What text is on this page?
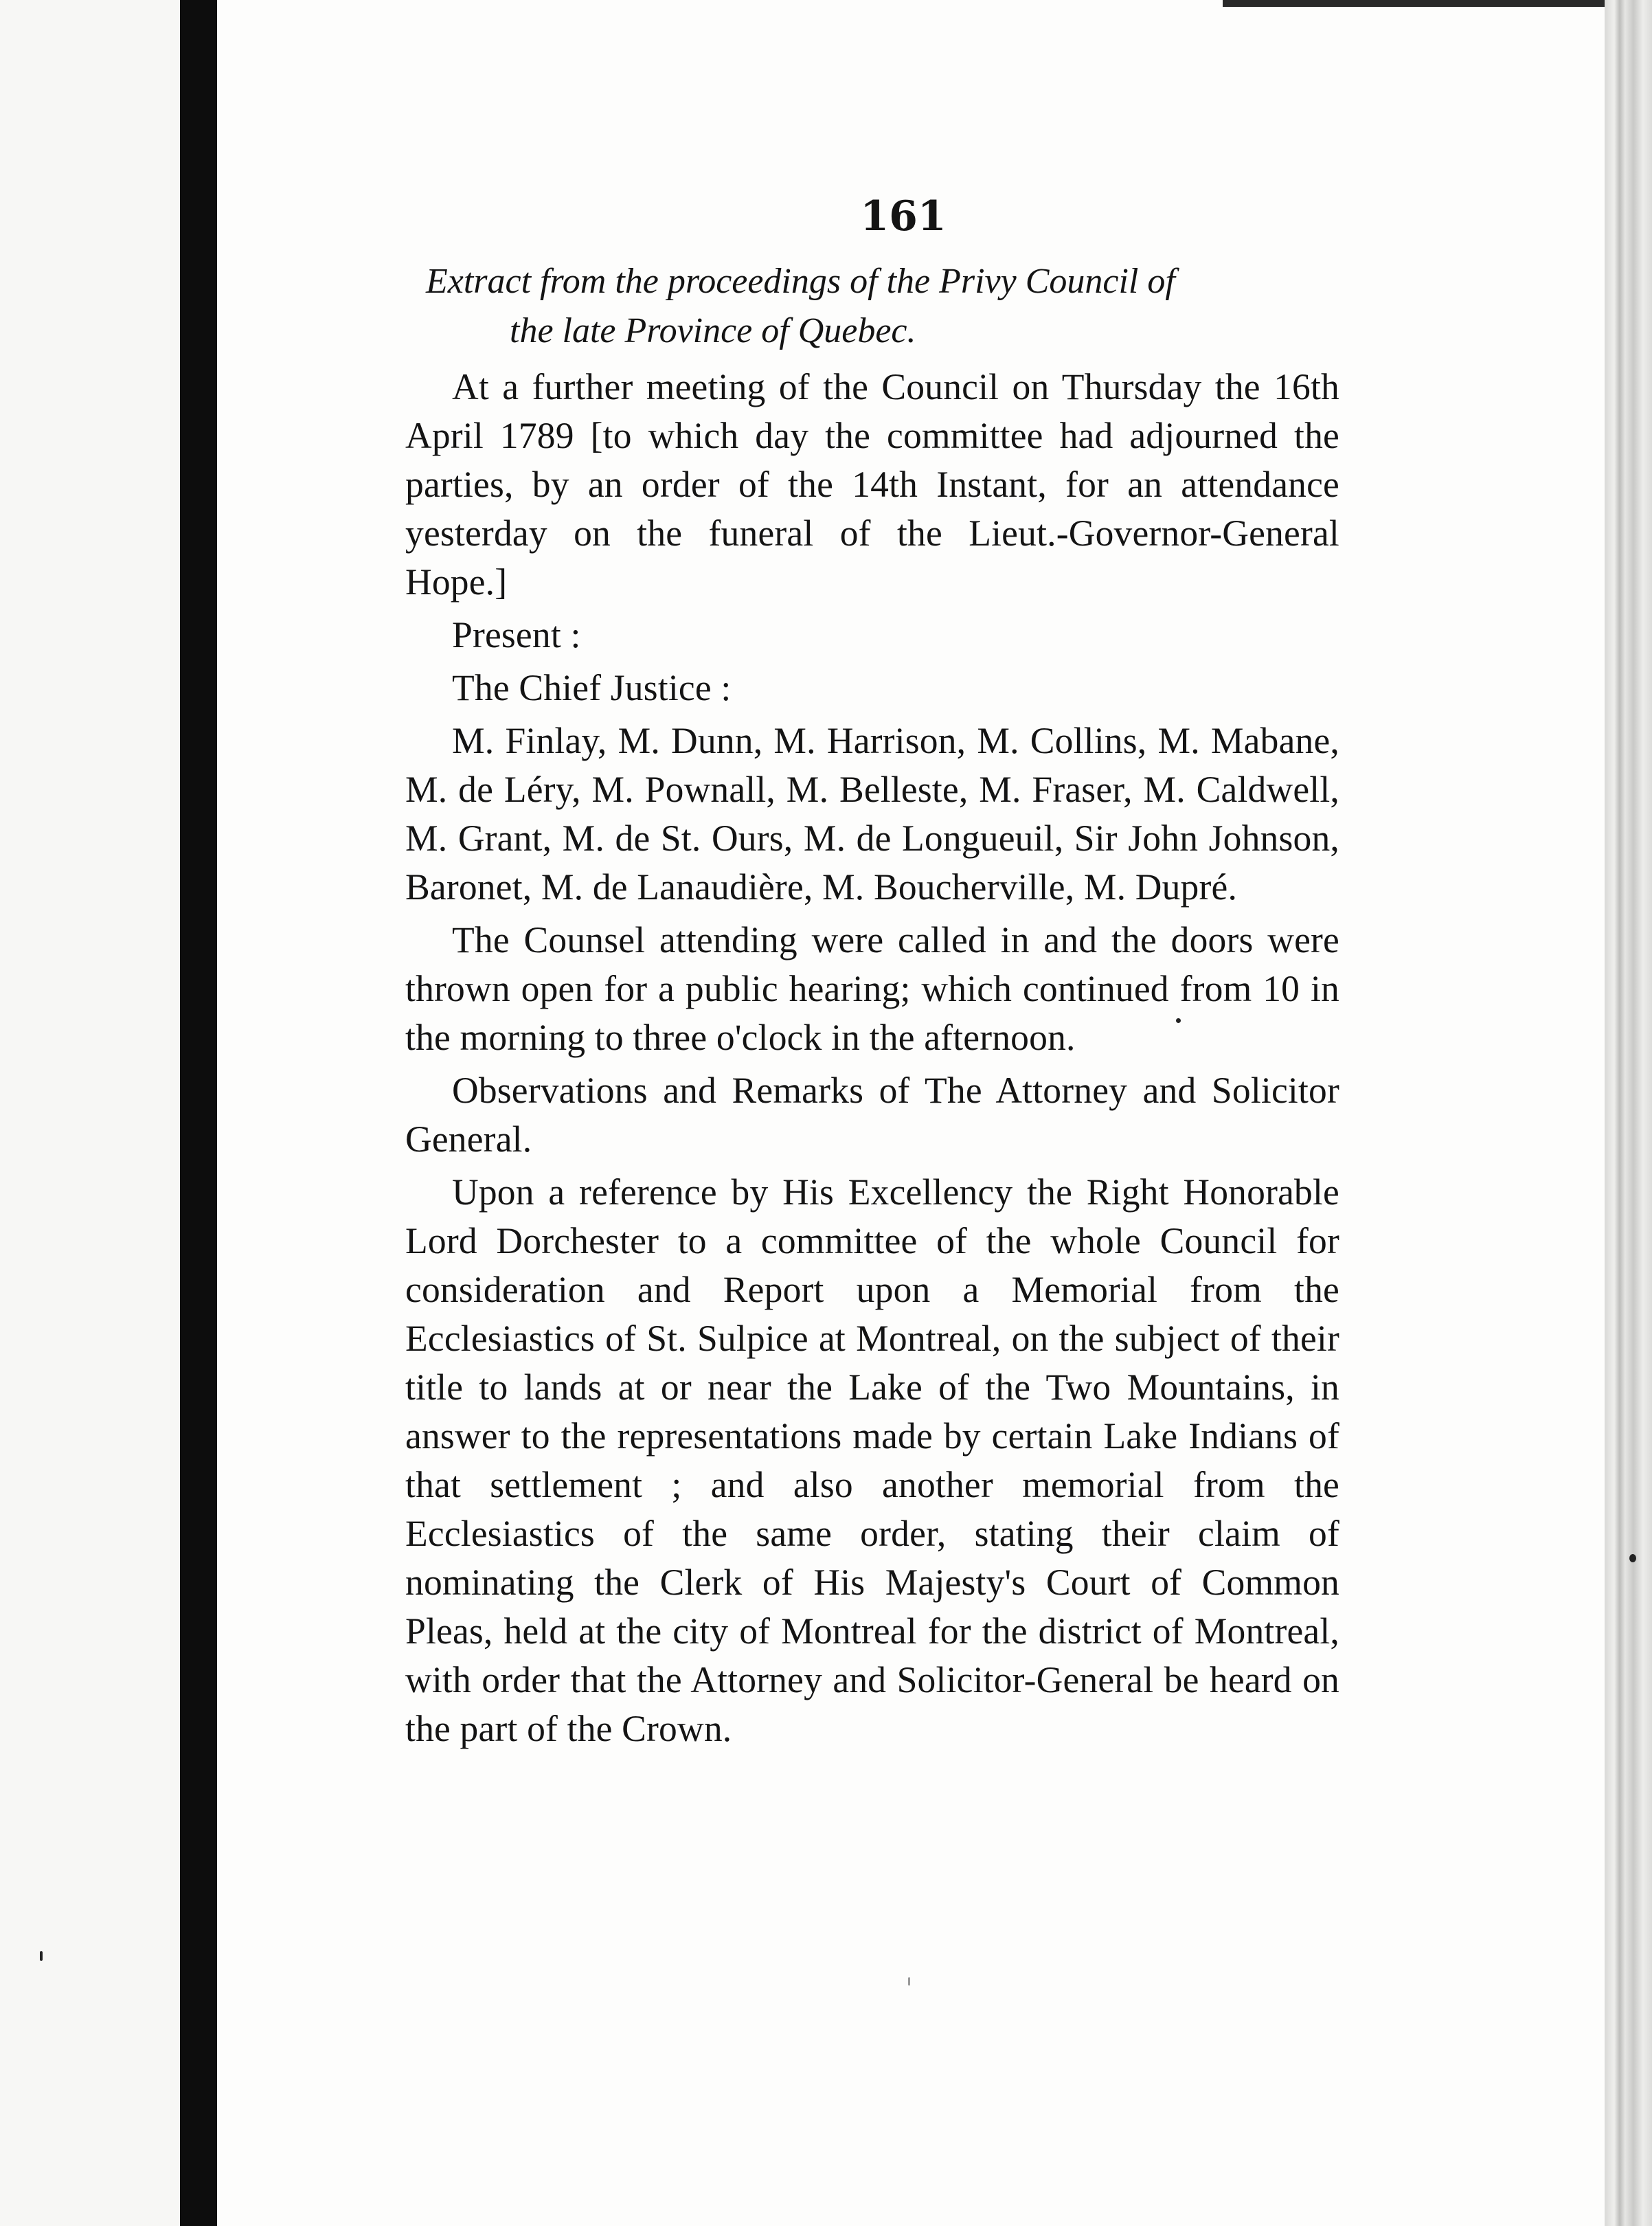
161
Extract from the proceedings of the Privy Council of
the late Province of Quebec.

At a further meeting of the Council on Thursday the 16th April 1789 [to which day the committee had adjourned the parties, by an order of the 14th Instant, for an attendance yesterday on the funeral of the Lieut.-Governor-General Hope.]

Present :

The Chief Justice :

M. Finlay, M. Dunn, M. Harrison, M. Collins, M. Mabane, M. de Léry, M. Pownall, M. Belleste, M. Fraser, M. Caldwell, M. Grant, M. de St. Ours, M. de Longueuil, Sir John Johnson, Baronet, M. de Lanaudière, M. Boucherville, M. Dupré.

The Counsel attending were called in and the doors were thrown open for a public hearing; which continued from 10 in the morning to three o'clock in the afternoon.

Observations and Remarks of The Attorney and Solicitor General.

Upon a reference by His Excellency the Right Honorable Lord Dorchester to a committee of the whole Council for consideration and Report upon a Memorial from the Ecclesiastics of St. Sulpice at Montreal, on the subject of their title to lands at or near the Lake of the Two Mountains, in answer to the representations made by certain Lake Indians of that settlement ; and also another memorial from the Ecclesiastics of the same order, stating their claim of nominating the Clerk of His Majesty's Court of Common Pleas, held at the city of Montreal for the district of Montreal, with order that the Attorney and Solicitor-General be heard on the part of the Crown.
